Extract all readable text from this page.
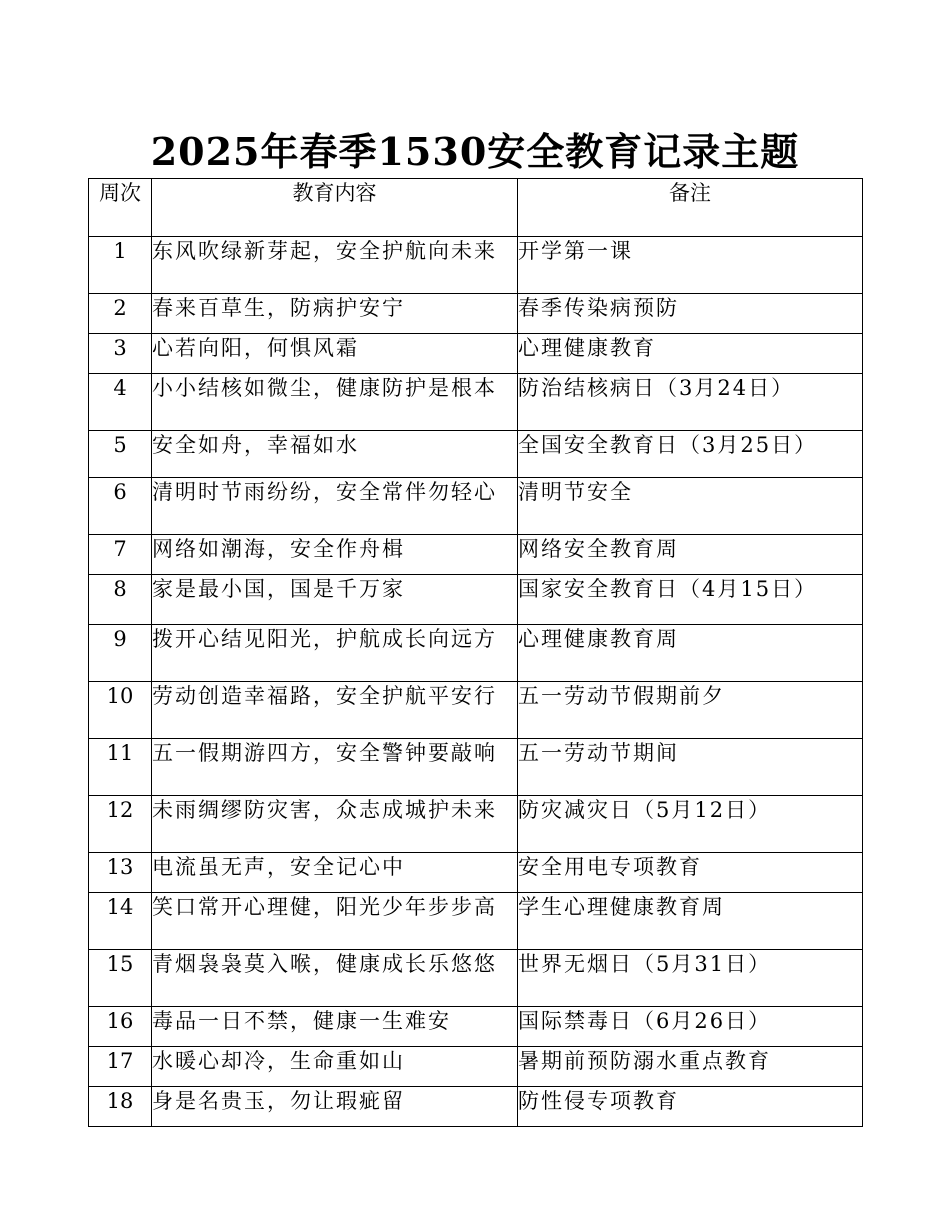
2025年春季1530安全教育记录主题
周次	教育内容	备注
1	东风吹绿新芽起，安全护航向未来	开学第一课
2	春来百草生，防病护安宁	春季传染病预防
3	心若向阳，何惧风霜	心理健康教育
4	小小结核如微尘，健康防护是根本	防治结核病日（3月24日）
5	安全如舟，幸福如水	全国安全教育日（3月25日）
6	清明时节雨纷纷，安全常伴勿轻心	清明节安全
7	网络如潮海，安全作舟楫	网络安全教育周
8	家是最小国，国是千万家	国家安全教育日（4月15日）
9	拨开心结见阳光，护航成长向远方	心理健康教育周
10	劳动创造幸福路，安全护航平安行	五一劳动节假期前夕
11	五一假期游四方，安全警钟要敲响	五一劳动节期间
12	未雨绸缪防灾害，众志成城护未来	防灾减灾日（5月12日）
13	电流虽无声，安全记心中	安全用电专项教育
14	笑口常开心理健，阳光少年步步高	学生心理健康教育周
15	青烟袅袅莫入喉，健康成长乐悠悠	世界无烟日（5月31日）
16	毒品一日不禁，健康一生难安	国际禁毒日（6月26日）
17	水暖心却冷，生命重如山	暑期前预防溺水重点教育
18	身是名贵玉，勿让瑕疵留	防性侵专项教育
